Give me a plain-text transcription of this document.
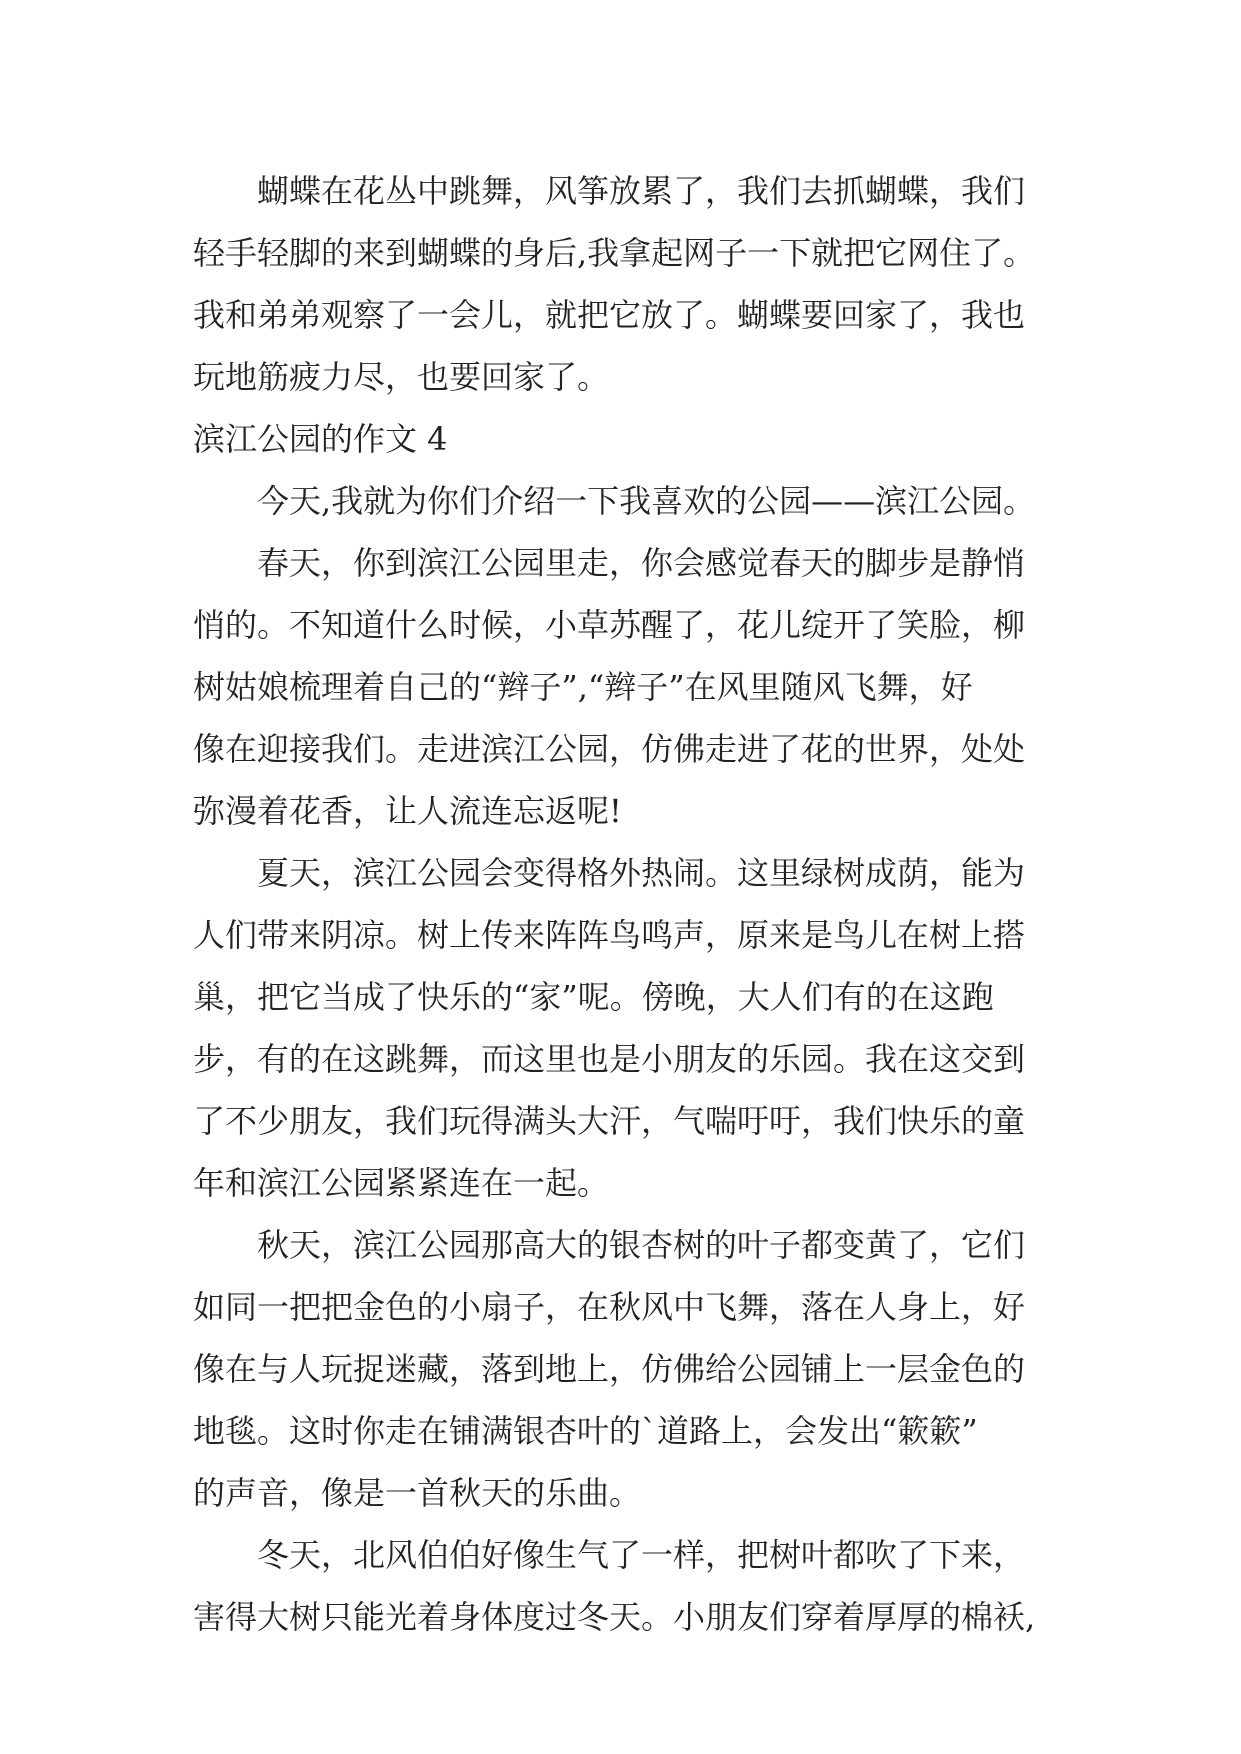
蝴蝶在花丛中跳舞，风筝放累了，我们去抓蝴蝶，我们
轻手轻脚的来到蝴蝶的身后,我拿起网子一下就把它网住了。
我和弟弟观察了一会儿，就把它放了。蝴蝶要回家了，我也
玩地筋疲力尽，也要回家了。

滨江公园的作文 4

今天,我就为你们介绍一下我喜欢的公园——滨江公园。

春天，你到滨江公园里走，你会感觉春天的脚步是静悄
悄的。不知道什么时候，小草苏醒了，花儿绽开了笑脸，柳
树姑娘梳理着自己的“辫子”,“辫子”在风里随风飞舞，好
像在迎接我们。走进滨江公园，仿佛走进了花的世界，处处
弥漫着花香，让人流连忘返呢!

夏天，滨江公园会变得格外热闹。这里绿树成荫，能为
人们带来阴凉。树上传来阵阵鸟鸣声，原来是鸟儿在树上搭
巢，把它当成了快乐的“家”呢。傍晚，大人们有的在这跑
步，有的在这跳舞，而这里也是小朋友的乐园。我在这交到
了不少朋友，我们玩得满头大汗，气喘吁吁，我们快乐的童
年和滨江公园紧紧连在一起。

秋天，滨江公园那高大的银杏树的叶子都变黄了，它们
如同一把把金色的小扇子，在秋风中飞舞，落在人身上，好
像在与人玩捉迷藏，落到地上，仿佛给公园铺上一层金色的
地毯。这时你走在铺满银杏叶的`道路上，会发出“簌簌”
的声音，像是一首秋天的乐曲。

冬天，北风伯伯好像生气了一样，把树叶都吹了下来，
害得大树只能光着身体度过冬天。小朋友们穿着厚厚的棉袄,
